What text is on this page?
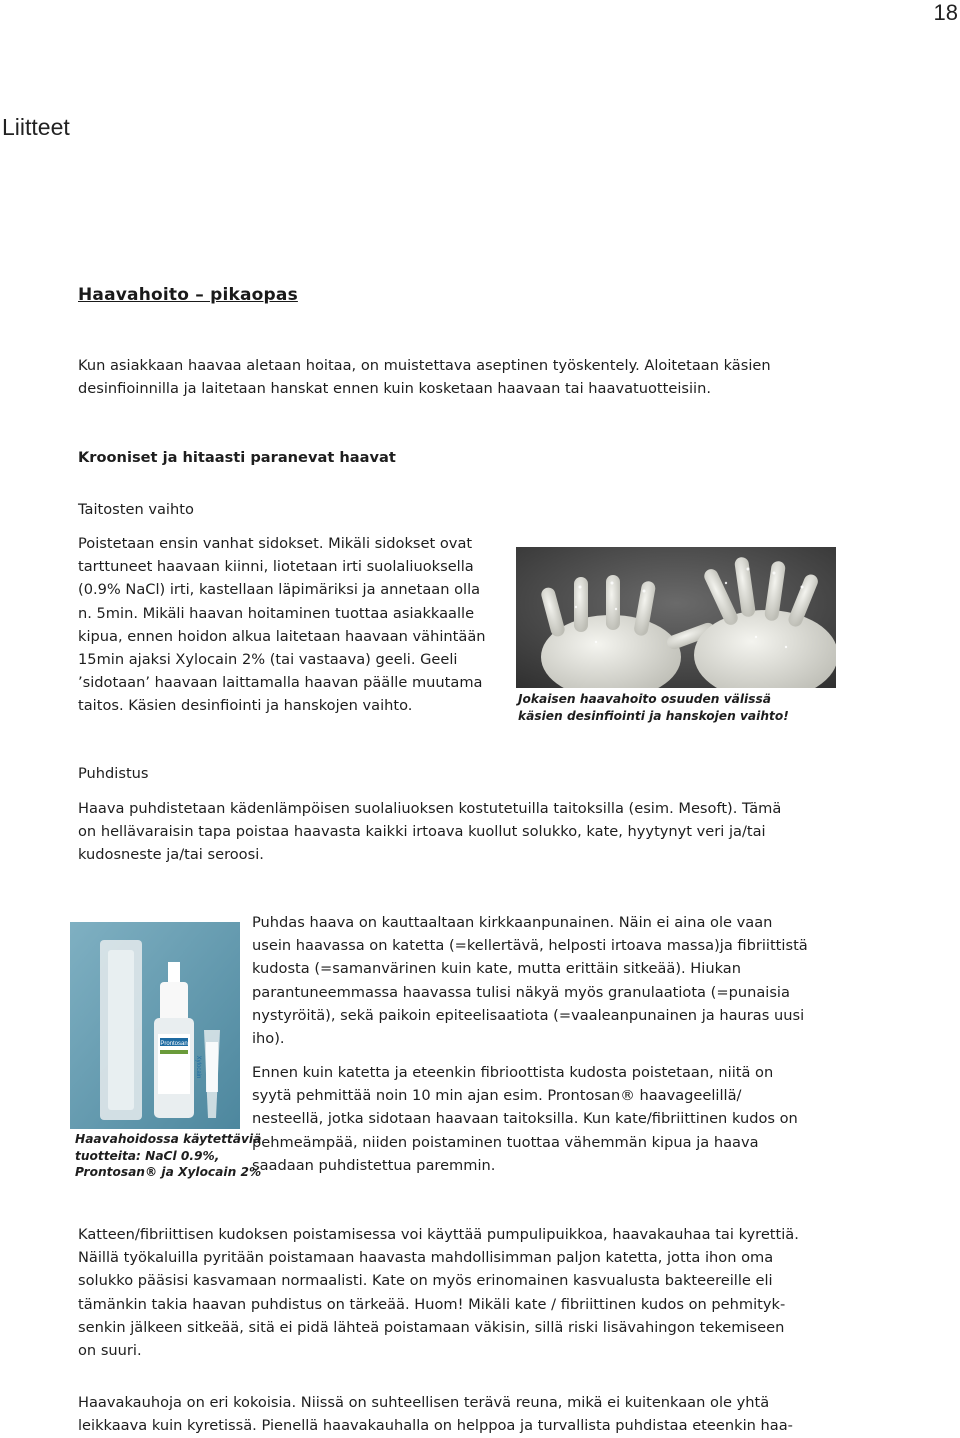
18
Liitteet
Haavahoito – pikaopas
Kun asiakkaan haavaa aletaan hoitaa, on muistettava aseptinen työskentely. Aloitetaan käsien
desinfioinnilla ja laitetaan hanskat ennen kuin kosketaan haavaan tai haavatuotteisiin.
Krooniset ja hitaasti paranevat haavat
Taitosten vaihto
Poistetaan ensin vanhat sidokset. Mikäli sidokset ovat
tarttuneet haavaan kiinni, liotetaan irti suolaliuoksella
(0.9% NaCl) irti, kastellaan läpimäriksi ja annetaan olla
n. 5min. Mikäli haavan hoitaminen tuottaa asiakkaalle
kipua, ennen hoidon alkua laitetaan haavaan vähintään
15min ajaksi Xylocain 2% (tai vastaava) geeli. Geeli
’sidotaan’ haavaan laittamalla haavan päälle muutama
taitos. Käsien desinfiointi ja hanskojen vaihto.	Jokaisen haavahoito osuuden välissä
käsien desinfiointi ja hanskojen vaihto!
Puhdistus
Haava puhdistetaan kädenlämpöisen suolaliuoksen kostutetuilla taitoksilla (esim. Mesoft). Tämä
on hellävaraisin tapa poistaa haavasta kaikki irtoava kuollut solukko, kate, hyytynyt veri ja/tai
kudosneste ja/tai seroosi.
Prontosan
Xylocain
Haavahoidossa käytettäviä
tuotteita: NaCl 0.9%,
Prontosan® ja Xylocain 2%
Puhdas haava on kauttaaltaan kirkkaanpunainen. Näin ei aina ole vaan
usein haavassa on katetta (=kellertävä, helposti irtoava massa)ja fibriittistä
kudosta (=samanvärinen kuin kate, mutta erittäin sitkeää). Hiukan
parantuneemmassa haavassa tulisi näkyä myös granulaatiota (=punaisia
nystyröitä), sekä paikoin epiteelisaatiota (=vaaleanpunainen ja hauras uusi
iho).
Ennen kuin katetta ja eteenkin fibrioottista kudosta poistetaan, niitä on
syytä pehmittää noin 10 min ajan esim. Prontosan® haavageelillä/
nesteellä, jotka sidotaan haavaan taitoksilla. Kun kate/fibriittinen kudos on
pehmeämpää, niiden poistaminen tuottaa vähemmän kipua ja haava
saadaan puhdistettua paremmin.
Katteen/fibriittisen kudoksen poistamisessa voi käyttää pumpulipuikkoa, haavakauhaa tai kyrettiä.
Näillä työkaluilla pyritään poistamaan haavasta mahdollisimman paljon katetta, jotta ihon oma
solukko pääsisi kasvamaan normaalisti. Kate on myös erinomainen kasvualusta bakteereille eli
tämänkin takia haavan puhdistus on tärkeää. Huom! Mikäli kate / fibriittinen kudos on pehmityk-
senkin jälkeen sitkeää, sitä ei pidä lähteä poistamaan väkisin, sillä riski lisävahingon tekemiseen
on suuri.
Haavakauhoja on eri kokoisia. Niissä on suhteellisen terävä reuna, mikä ei kuitenkaan ole yhtä
leikkaava kuin kyretissä. Pienellä haavakauhalla on helppoa ja turvallista puhdistaa eteenkin haa-
